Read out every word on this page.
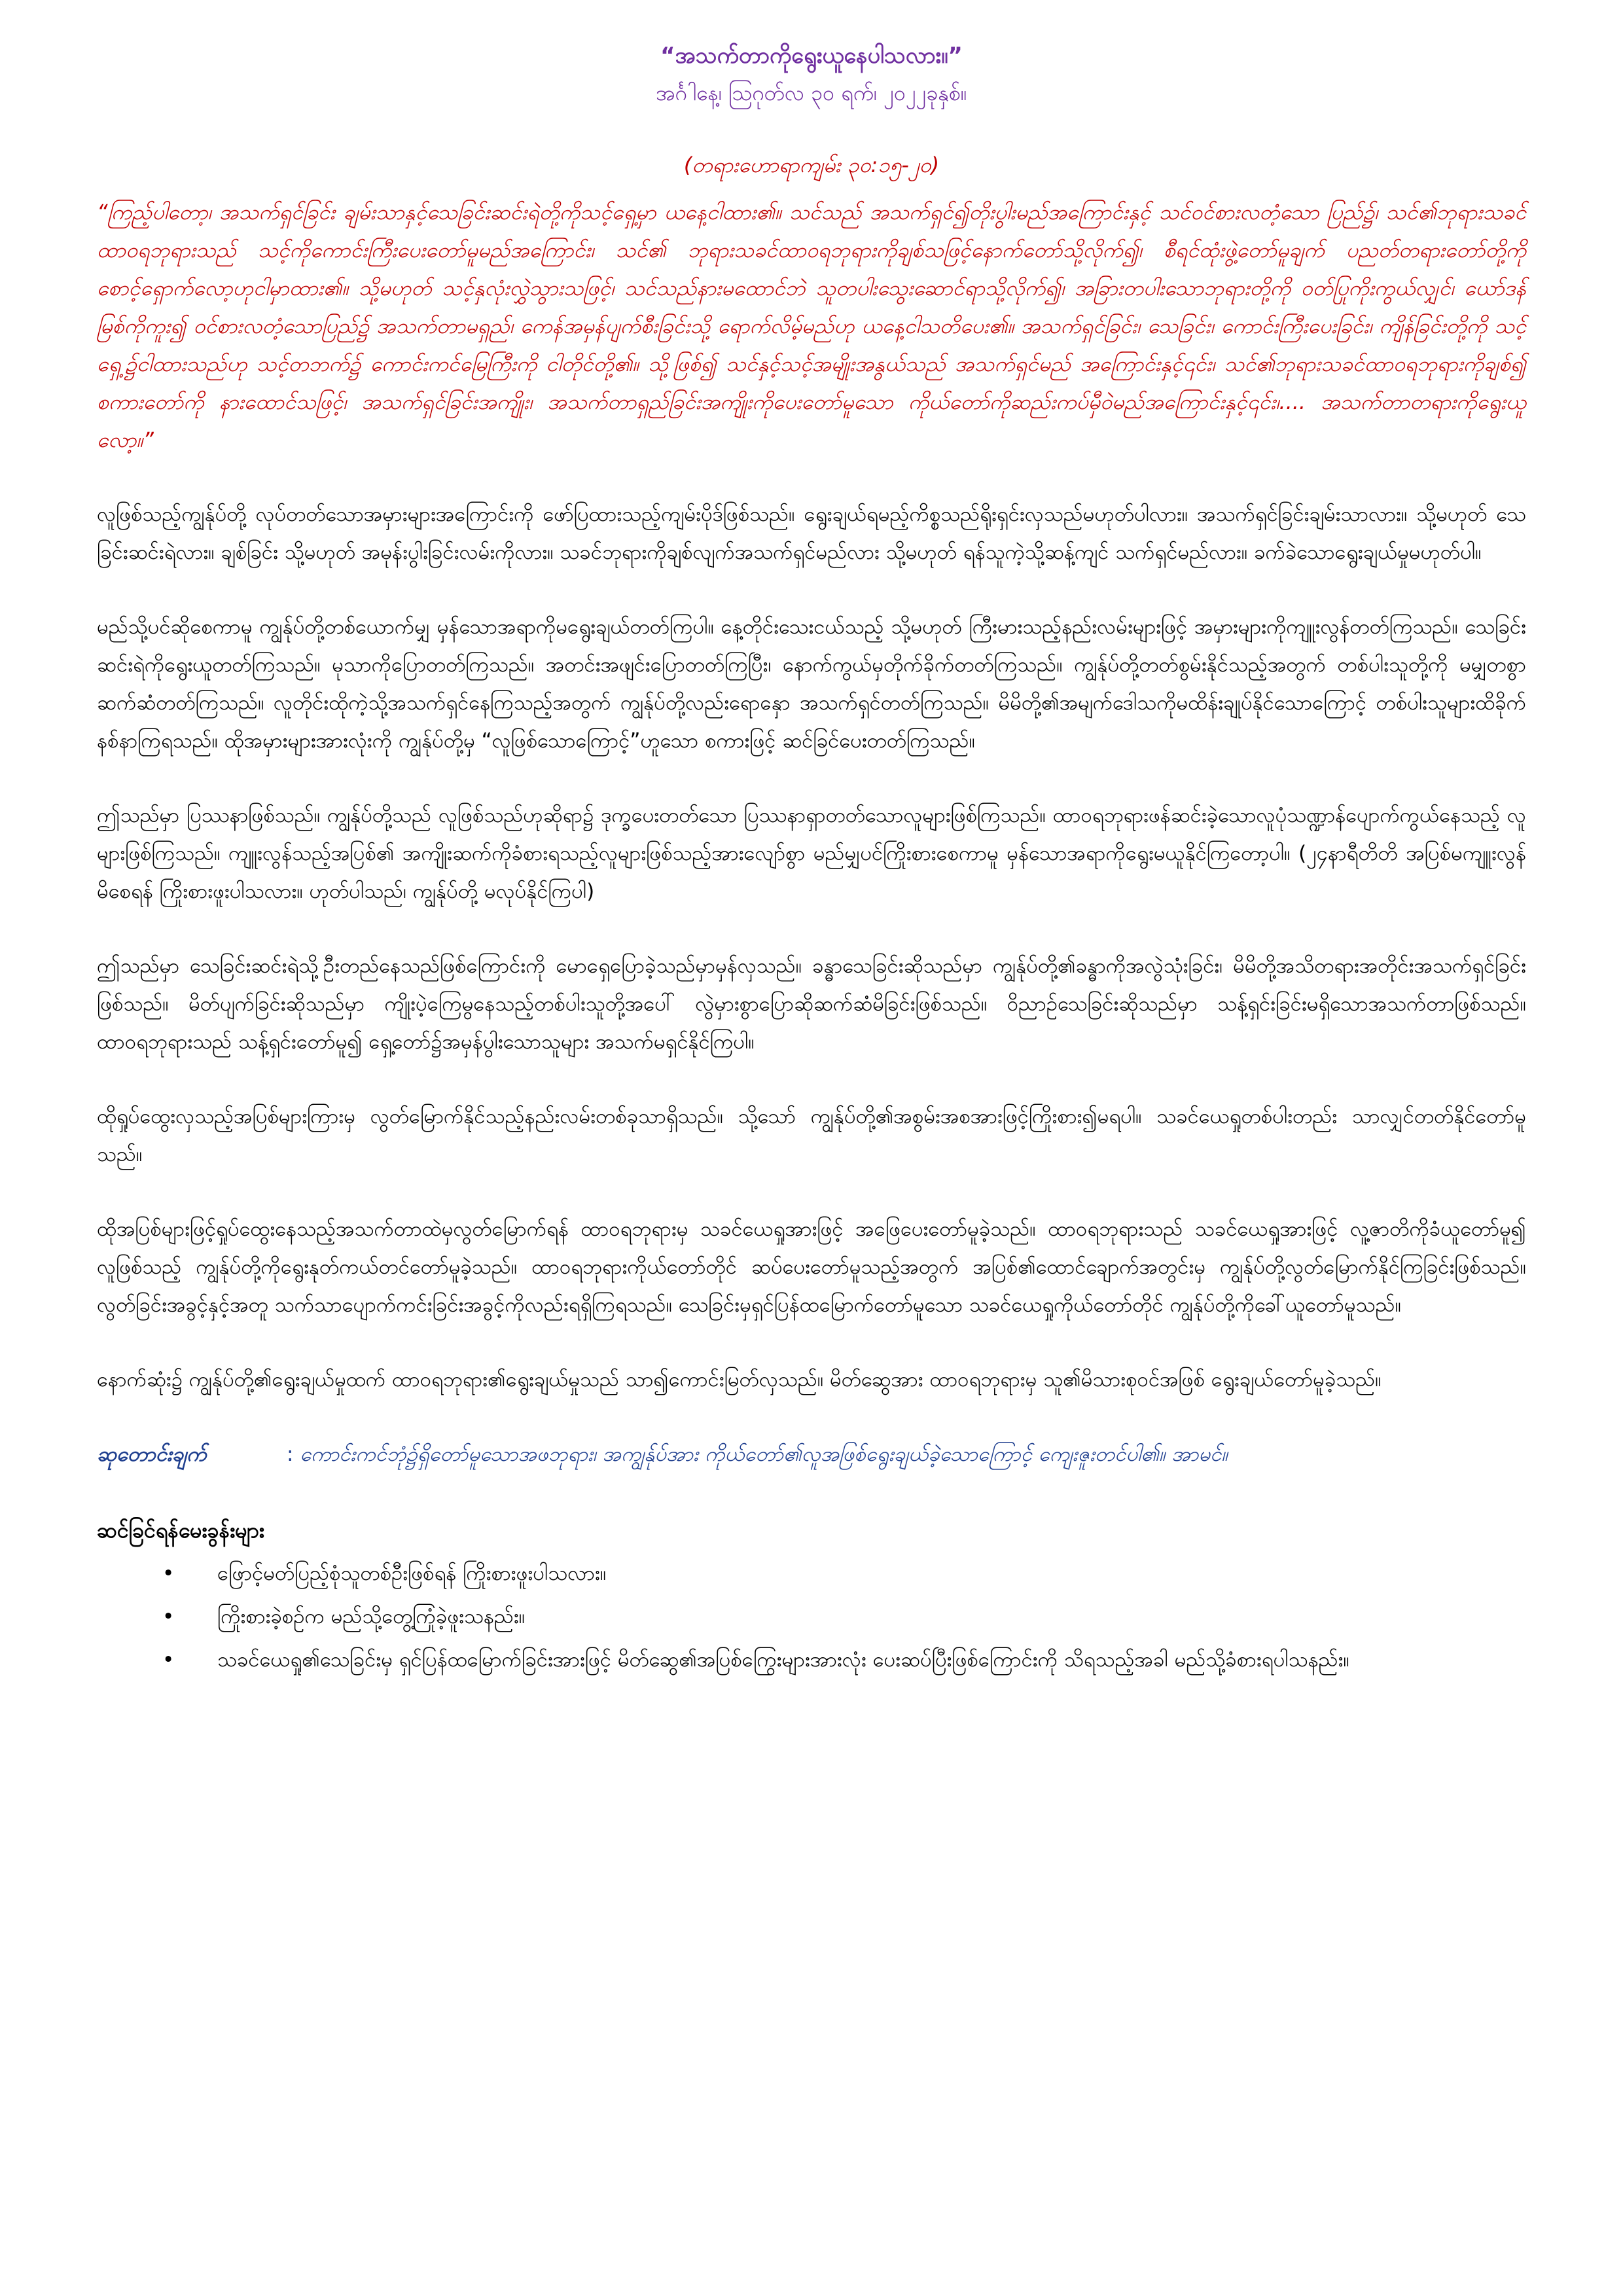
“အသက်တာကိုရွေးယူနေပါသလား။”
အင်္ဂါနေ့၊ ဩဂုတ်လ ၃၀ ရက်၊ ၂၀၂၂ခုနှစ်။
(တရားဟောရာကျမ်း ၃၀:၁၅-၂၀)
“ကြည့်ပါတော့၊ အသက်ရှင်ခြင်း ချမ်းသာနှင့်သေခြင်းဆင်းရဲတို့ကိုသင့်ရှေ့မှာ ယနေ့ငါထား၏။ သင်သည် အသက်ရှင်၍တိုးပွါးမည်အကြောင်းနှင့် သင်ဝင်စားလတံ့သော ပြည်၌၊ သင်၏ဘုရားသခင်ထာဝရဘုရားသည် သင့်ကိုကောင်းကြီးပေးတော်မူမည်အကြောင်း၊ သင်၏ ဘုရားသခင်ထာဝရဘုရားကိုချစ်သဖြင့်နောက်တော်သို့လိုက်၍၊ စီရင်ထုံးဖွဲ့တော်မူချက် ပညတ်တရားတော်တို့ကို စောင့်ရှောက်လော့ဟုငါမှာထား၏။ သို့မဟုတ် သင့်နှလုံးလွှဲသွားသဖြင့်၊ သင်သည်နားမထောင်ဘဲ သူတပါးသွေးဆောင်ရာသို့လိုက်၍၊ အခြားတပါးသောဘုရားတို့ကို ဝတ်ပြုကိုးကွယ်လျှင်၊ ယော်ဒန်မြစ်ကိုကူး၍ ဝင်စားလတံ့သောပြည်၌ အသက်တာမရှည်၊ ကေန်အမှန်ပျက်စီးခြင်းသို့ ရောက်လိမ့်မည်ဟု ယနေ့ငါသတိပေး၏။ အသက်ရှင်ခြင်း၊ သေခြင်း၊ ကောင်းကြီးပေးခြင်း၊ ကျိန်ခြင်းတို့ကို သင့်ရှေ့၌ငါထားသည်ဟု သင့်တဘက်၌ ကောင်းကင်မြေကြီးကို ငါတိုင်တို့၏။ သို့ဖြစ်၍ သင်နှင့်သင့်အမျိုးအနွယ်သည် အသက်ရှင်မည် အကြောင်းနှင့်၎င်း၊ သင်၏ဘုရားသခင်ထာဝရဘုရားကိုချစ်၍ စကားတော်ကို နားထောင်သဖြင့်၊ အသက်ရှင်ခြင်းအကျိုး၊ အသက်တာရှည်ခြင်းအကျိုးကိုပေးတော်မူသော ကိုယ်တော်ကိုဆည်းကပ်မှီဝဲမည်အကြောင်းနှင့်၎င်း၊.... အသက်တာတရားကိုရွေးယူလော့။”

လူဖြစ်သည့်ကျွန်ုပ်တို့ လုပ်တတ်သောအမှားများအကြောင်းကို ဖော်ပြထားသည့်ကျမ်းပိုဒ်ဖြစ်သည်။ ရွေးချယ်ရမည့်ကိစ္စသည်ရိုးရှင်းလှသည်မဟုတ်ပါလား။ အသက်ရှင်ခြင်းချမ်းသာလား။ သို့မဟုတ် သေခြင်းဆင်းရဲလား။ ချစ်ခြင်း သို့မဟုတ် အမုန်းပွါးခြင်းလမ်းကိုလား။ သခင်ဘုရားကိုချစ်လျက်အသက်ရှင်မည်လား သို့မဟုတ် ရန်သူကဲ့သို့ဆန့်ကျင် သက်ရှင်မည်လား။ ခက်ခဲသောရွေးချယ်မှုမဟုတ်ပါ။

မည်သို့ပင်ဆိုစေကာမူ ကျွန်ုပ်တို့တစ်ယောက်မျှ မှန်သောအရာကိုမရွေးချယ်တတ်ကြပါ။ နေ့တိုင်းသေးငယ်သည့် သို့မဟုတ် ကြီးမားသည့်နည်းလမ်းများဖြင့် အမှားများကိုကျူးလွန်တတ်ကြသည်။ သေခြင်းဆင်းရဲကိုရွေးယူတတ်ကြသည်။ မုသာကိုပြောတတ်ကြသည်။ အတင်းအဖျင်းပြောတတ်ကြပြီး၊ နောက်ကွယ်မှတိုက်ခိုက်တတ်ကြသည်။ ကျွန်ုပ်တို့တတ်စွမ်းနိုင်သည့်အတွက် တစ်ပါးသူတို့ကို မမျှတစွာဆက်ဆံတတ်ကြသည်။ လူတိုင်းထိုကဲ့သို့အသက်ရှင်နေကြသည့်အတွက် ကျွန်ုပ်တို့လည်းရောနှော အသက်ရှင်တတ်ကြသည်။ မိမိတို့၏အမျက်ဒေါသကိုမထိန်းချုပ်နိုင်သောကြောင့် တစ်ပါးသူများထိခိုက်နစ်နာကြရသည်။ ထိုအမှားများအားလုံးကို ကျွန်ုပ်တို့မှ “လူဖြစ်သောကြောင့်”ဟူသော စကားဖြင့် ဆင်ခြင်ပေးတတ်ကြသည်။

ဤသည်မှာ ပြဿနာဖြစ်သည်။ ကျွန်ုပ်တို့သည် လူဖြစ်သည်ဟုဆိုရာ၌ ဒုက္ခပေးတတ်သော ပြဿနာရှာတတ်သောလူများဖြစ်ကြသည်။ ထာဝရဘုရားဖန်ဆင်းခဲ့သောလူပုံသဏ္ဍာန်ပျောက်ကွယ်နေသည့် လူများဖြစ်ကြသည်။ ကျူးလွန်သည့်အပြစ်၏ အကျိုးဆက်ကိုခံစားရသည့်လူများဖြစ်သည့်အားလျော်စွာ မည်မျှပင်ကြိုးစားစေကာမူ မှန်သောအရာကိုရွေးမယူနိုင်ကြတော့ပါ။ (၂၄နာရီတိတိ အပြစ်မကျူးလွန်မိစေရန် ကြိုးစားဖူးပါသလား။ ဟုတ်ပါသည်၊ ကျွန်ုပ်တို့ မလုပ်နိုင်ကြပါ)

ဤသည်မှာ သေခြင်းဆင်းရဲသို့ဦးတည်နေသည်ဖြစ်ကြောင်းကို မောရှေပြောခဲ့သည်မှာမှန်လှသည်။ ခန္ဓာသေခြင်းဆိုသည်မှာ ကျွန်ုပ်တို့၏ခန္ဓာကိုအလွဲသုံးခြင်း၊ မိမိတို့အသိတရားအတိုင်းအသက်ရှင်ခြင်းဖြစ်သည်။ မိတ်ပျက်ခြင်းဆိုသည်မှာ ကျိုးပဲ့ကြေမွနေသည့်တစ်ပါးသူတို့အပေါ် လွဲမှားစွာပြောဆိုဆက်ဆံမိခြင်းဖြစ်သည်။ ဝိညာဉ်သေခြင်းဆိုသည်မှာ သန့်ရှင်းခြင်းမရှိသောအသက်တာဖြစ်သည်။ ထာဝရဘုရားသည် သန့်ရှင်းတော်မူ၍ ရှေ့တော်၌အမှန်ပွါးသောသူများ အသက်မရှင်နိုင်ကြပါ။

ထိုရှုပ်ထွေးလှသည့်အပြစ်များကြားမှ လွတ်မြောက်နိုင်သည့်နည်းလမ်းတစ်ခုသာရှိသည်။ သို့သော် ကျွန်ုပ်တို့၏အစွမ်းအစအားဖြင့်ကြိုးစား၍မရပါ။ သခင်ယေရှုတစ်ပါးတည်း သာလျှင်တတ်နိုင်တော်မူသည်။

ထိုအပြစ်များဖြင့်ရှုပ်ထွေးနေသည့်အသက်တာထဲမှလွတ်မြောက်ရန် ထာဝရဘုရားမှ သခင်ယေရှုအားဖြင့် အဖြေပေးတော်မူခဲ့သည်။ ထာဝရဘုရားသည် သခင်ယေရှုအားဖြင့် လူ့ဇာတိကိုခံယူတော်မူ၍ လူဖြစ်သည့် ကျွန်ုပ်တို့ကိုရွေးနုတ်ကယ်တင်တော်မူခဲ့သည်။ ထာဝရဘုရားကိုယ်တော်တိုင် ဆပ်ပေးတော်မူသည့်အတွက် အပြစ်၏ထောင်ချောက်အတွင်းမှ ကျွန်ုပ်တို့လွတ်မြောက်နိုင်ကြခြင်းဖြစ်သည်။ လွတ်ခြင်းအခွင့်နှင့်အတူ သက်သာပျောက်ကင်းခြင်းအခွင့်ကိုလည်းရရှိကြရသည်။ သေခြင်းမှရှင်ပြန်ထမြောက်တော်မူသော သခင်ယေရှုကိုယ်တော်တိုင် ကျွန်ုပ်တို့ကိုခေါ်ယူတော်မူသည်။

နောက်ဆုံး၌ ကျွန်ုပ်တို့၏ရွေးချယ်မှုထက် ထာဝရဘုရား၏ရွေးချယ်မှုသည် သာ၍ကောင်းမြတ်လှသည်။ မိတ်ဆွေအား ထာဝရဘုရားမှ သူ၏မိသားစုဝင်အဖြစ် ရွေးချယ်တော်မူခဲ့သည်။

ဆုတောင်းချက်	: ကောင်းကင်ဘုံ၌ရှိတော်မူသောအဖဘုရား၊ အကျွန်ုပ်အား ကိုယ်တော်၏လူအဖြစ်ရွေးချယ်ခဲ့သောကြောင့် ကျေးဇူးတင်ပါ၏။ အာမင်။
ဆင်ခြင်ရန်မေးခွန်းများ
• ဖြောင့်မတ်ပြည့်စုံသူတစ်ဦးဖြစ်ရန် ကြိုးစားဖူးပါသလား။
• ကြိုးစားခဲ့စဉ်က မည်သို့တွေ့ကြုံခဲ့ဖူးသနည်း။
• သခင်ယေရှု၏သေခြင်းမှ ရှင်ပြန်ထမြောက်ခြင်းအားဖြင့် မိတ်ဆွေ၏အပြစ်ကြွေးများအားလုံး ပေးဆပ်ပြီးဖြစ်ကြောင်းကို သိရသည့်အခါ မည်သို့ခံစားရပါသနည်း။
